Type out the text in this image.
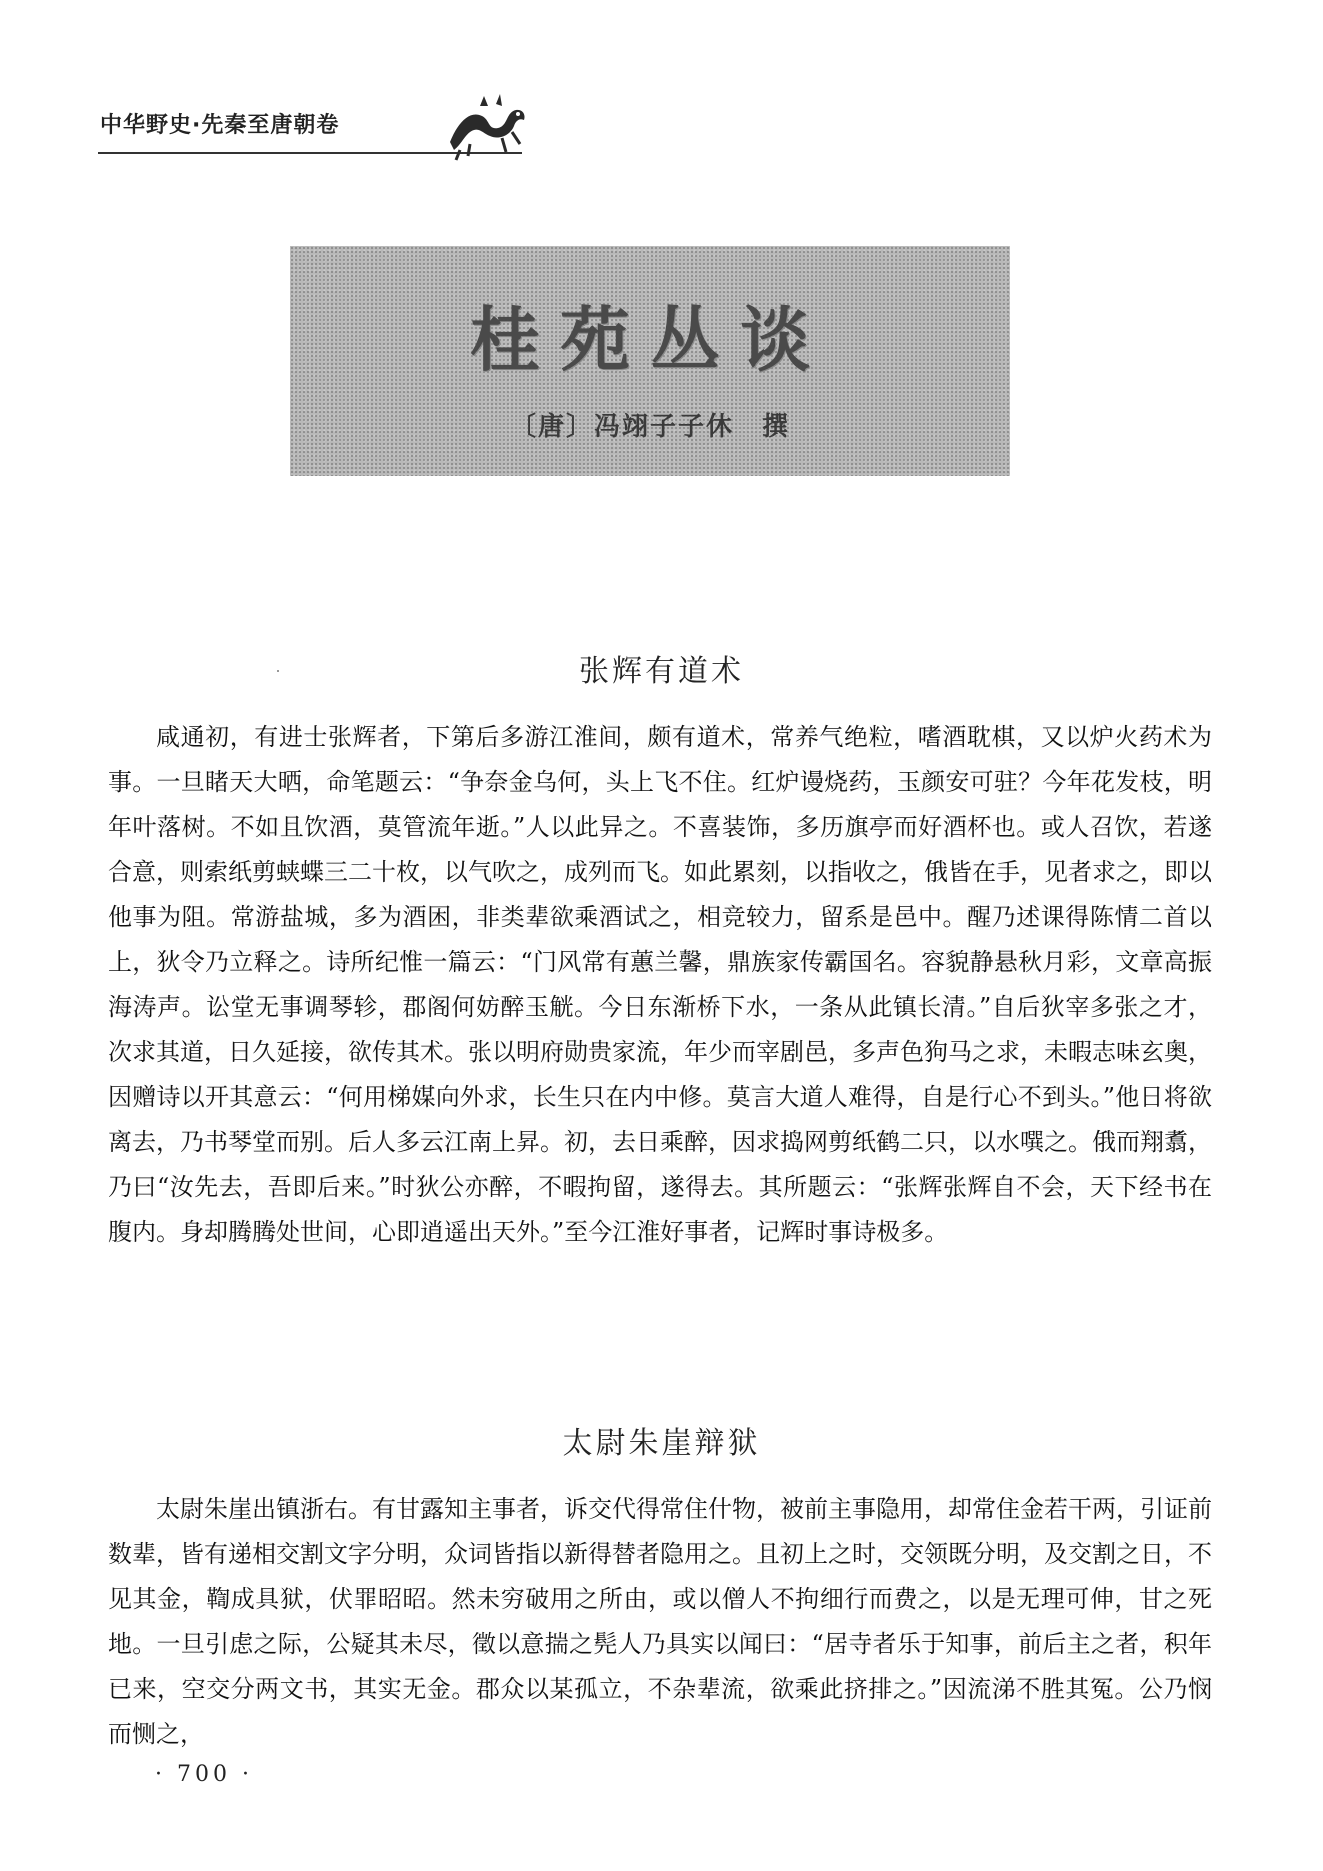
中华野史·先秦至唐朝卷
桂苑丛谈
〔唐〕冯翊子子休　撰
张辉有道术
咸通初，有进士张辉者，下第后多游江淮间，颇有道术，常养气绝粒，嗜酒耽棋，又以炉火药术为事。一旦睹天大晒，命笔题云：“争奈金乌何，头上飞不住。红炉谩烧药，玉颜安可驻？今年花发枝，明年叶落树。不如且饮酒，莫管流年逝。”人以此异之。不喜装饰，多历旗亭而好酒杯也。或人召饮，若遂合意，则索纸剪蛱蝶三二十枚，以气吹之，成列而飞。如此累刻，以指收之，俄皆在手，见者求之，即以他事为阻。常游盐城，多为酒困，非类辈欲乘酒试之，相竞较力，留系是邑中。醒乃述课得陈情二首以上，狄令乃立释之。诗所纪惟一篇云：“门风常有蕙兰馨，鼎族家传霸国名。容貌静悬秋月彩，文章高振海涛声。讼堂无事调琴轸，郡阁何妨醉玉觥。今日东渐桥下水，一条从此镇长清。”自后狄宰多张之才，次求其道，日久延接，欲传其术。张以明府勋贵家流，年少而宰剧邑，多声色狗马之求，未暇志味玄奥，因赠诗以开其意云：“何用梯媒向外求，长生只在内中修。莫言大道人难得，自是行心不到头。”他日将欲离去，乃书琴堂而别。后人多云江南上昇。初，去日乘醉，因求捣网剪纸鹤二只，以水噀之。俄而翔翥，乃曰“汝先去，吾即后来。”时狄公亦醉，不暇拘留，遂得去。其所题云：“张辉张辉自不会，天下经书在腹内。身却腾腾处世间，心即逍遥出天外。”至今江淮好事者，记辉时事诗极多。
太尉朱崖辩狱
太尉朱崖出镇浙右。有甘露知主事者，诉交代得常住什物，被前主事隐用，却常住金若干两，引证前数辈，皆有递相交割文字分明，众词皆指以新得替者隐用之。且初上之时，交领既分明，及交割之日，不见其金，鞫成具狱，伏罪昭昭。然未穷破用之所由，或以僧人不拘细行而费之，以是无理可伸，甘之死地。一旦引虑之际，公疑其未尽，徵以意揣之髡人乃具实以闻曰：“居寺者乐于知事，前后主之者，积年已来，空交分两文书，其实无金。郡众以某孤立，不杂辈流，欲乘此挤排之。”因流涕不胜其冤。公乃悯而恻之，
· 700 ·
